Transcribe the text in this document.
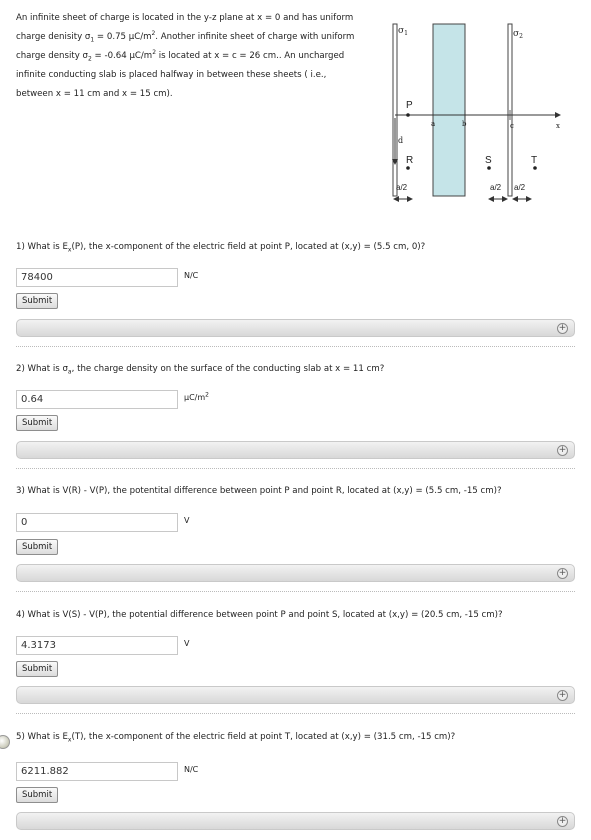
An infinite sheet of charge is located in the y-z plane at x = 0 and has uniform
charge denisity $\sigma_1 = 0.75$ $\mu C/m^2$. Another infinite sheet of charge with uniform
charge density $\sigma_2 = -0.64$ $\mu C/m^2$ is located at x = c = 26 cm.. An uncharged
infinite conducting slab is placed halfway in between these sheets ( i.e.,
between x = 11 cm and x = 15 cm).
$\sigma_1$	$\sigma_2$
P
d
R	S	T
a	b	c	x
a/2	a/2 a/2
1) What is $E_x(P)$, the x-component of the electric field at point P, located at (x,y) = (5.5 cm, 0)?
78400	N/C
Submit
+
2) What is $\sigma_a$, the charge density on the surface of the conducting slab at x = 11 cm?
0.64	$\mu C/m^2$
Submit
+
3) What is V(R) - V(P), the potentital difference between point P and point R, located at (x,y) = (5.5 cm, -15 cm)?
0	V
Submit
+
4) What is V(S) - V(P), the potential difference between point P and point S, located at (x,y) = (20.5 cm, -15 cm)?
4.3173	V
Submit
+
5) What is $E_x(T)$, the x-component of the electric field at point T, located at (x,y) = (31.5 cm, -15 cm)?
6211.882	N/C
Submit
+
